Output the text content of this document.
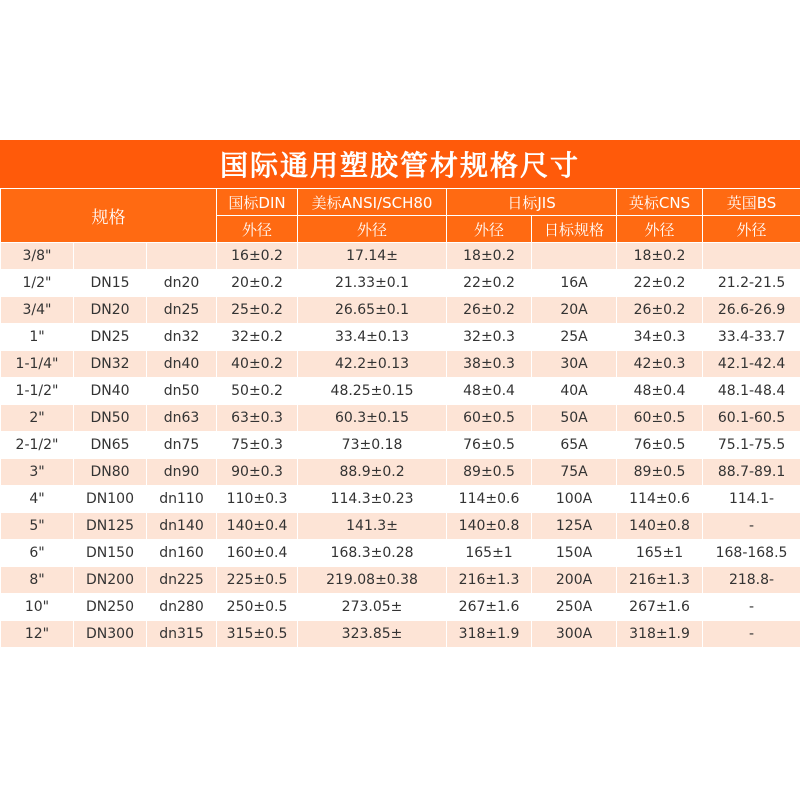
国际通用塑胶管材规格尺寸
规格			国标DIN	美标ANSI/SCH80	日标JIS		英标CNS	英国BS
			外径	外径	外径	日标规格	外径	外径
3/8"			16±0.2	17.14±	18±0.2		18±0.2	
1/2"	DN15	dn20	20±0.2	21.33±0.1	22±0.2	16A	22±0.2	21.2-21.5
3/4"	DN20	dn25	25±0.2	26.65±0.1	26±0.2	20A	26±0.2	26.6-26.9
1"	DN25	dn32	32±0.2	33.4±0.13	32±0.3	25A	34±0.3	33.4-33.7
1-1/4"	DN32	dn40	40±0.2	42.2±0.13	38±0.3	30A	42±0.3	42.1-42.4
1-1/2"	DN40	dn50	50±0.2	48.25±0.15	48±0.4	40A	48±0.4	48.1-48.4
2"	DN50	dn63	63±0.3	60.3±0.15	60±0.5	50A	60±0.5	60.1-60.5
2-1/2"	DN65	dn75	75±0.3	73±0.18	76±0.5	65A	76±0.5	75.1-75.5
3"	DN80	dn90	90±0.3	88.9±0.2	89±0.5	75A	89±0.5	88.7-89.1
4"	DN100	dn110	110±0.3	114.3±0.23	114±0.6	100A	114±0.6	114.1-
5"	DN125	dn140	140±0.4	141.3±	140±0.8	125A	140±0.8	-
6"	DN150	dn160	160±0.4	168.3±0.28	165±1	150A	165±1	168-168.5
8"	DN200	dn225	225±0.5	219.08±0.38	216±1.3	200A	216±1.3	218.8-
10"	DN250	dn280	250±0.5	273.05±	267±1.6	250A	267±1.6	-
12"	DN300	dn315	315±0.5	323.85±	318±1.9	300A	318±1.9	-
